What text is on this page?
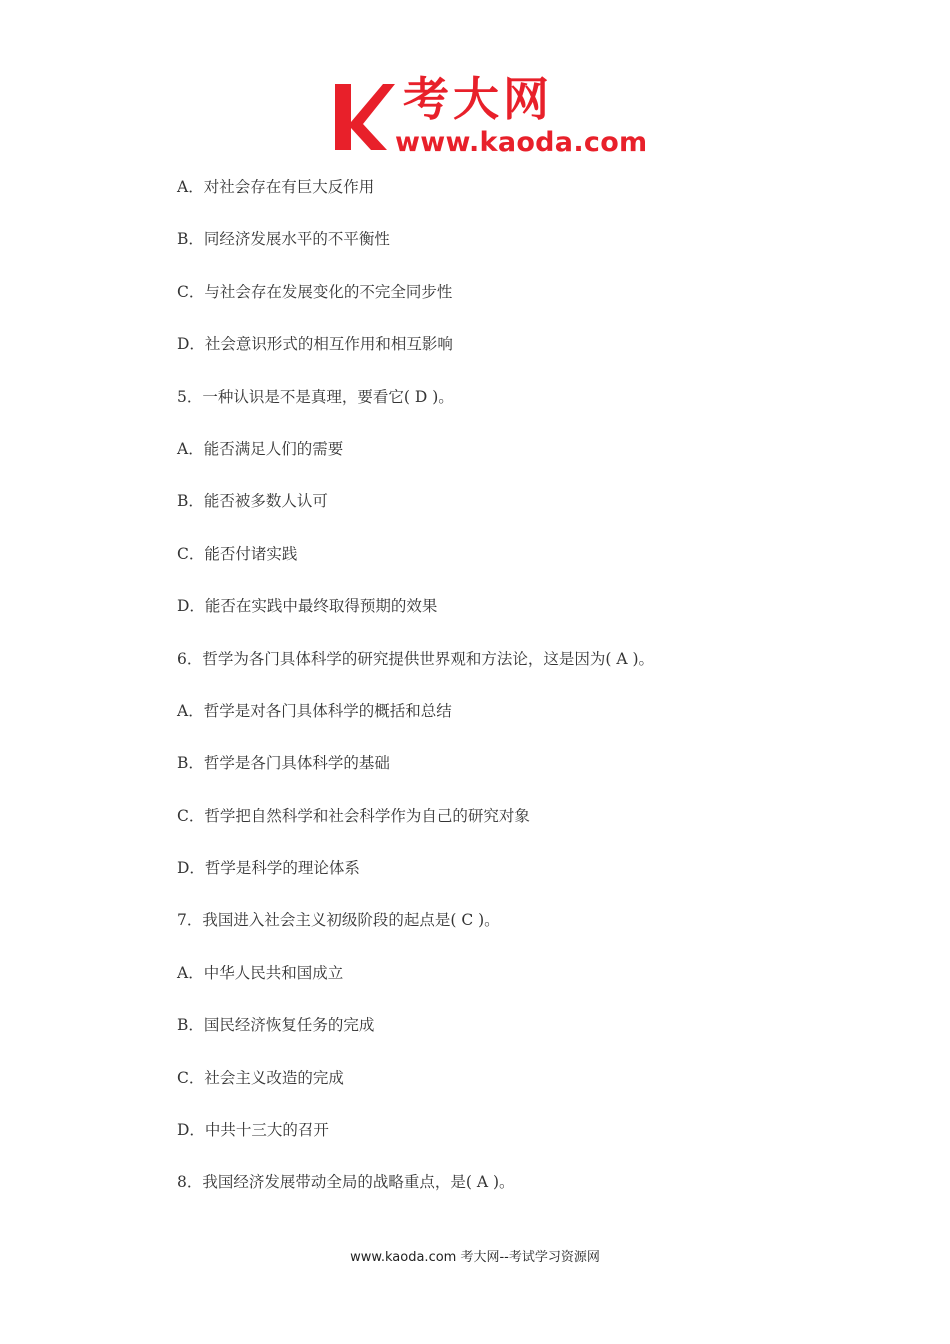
考大网
www.kaoda.com
A．对社会存在有巨大反作用
B．同经济发展水平的不平衡性
C．与社会存在发展变化的不完全同步性
D．社会意识形式的相互作用和相互影响
5．一种认识是不是真理，要看它( D )。
A．能否满足人们的需要
B．能否被多数人认可
C．能否付诸实践
D．能否在实践中最终取得预期的效果
6．哲学为各门具体科学的研究提供世界观和方法论，这是因为( A )。
A．哲学是对各门具体科学的概括和总结
B．哲学是各门具体科学的基础
C．哲学把自然科学和社会科学作为自己的研究对象
D．哲学是科学的理论体系
7．我国进入社会主义初级阶段的起点是( C )。
A．中华人民共和国成立
B．国民经济恢复任务的完成
C．社会主义改造的完成
D．中共十三大的召开
8．我国经济发展带动全局的战略重点，是( A )。
www.kaoda.com 考大网--考试学习资源网
